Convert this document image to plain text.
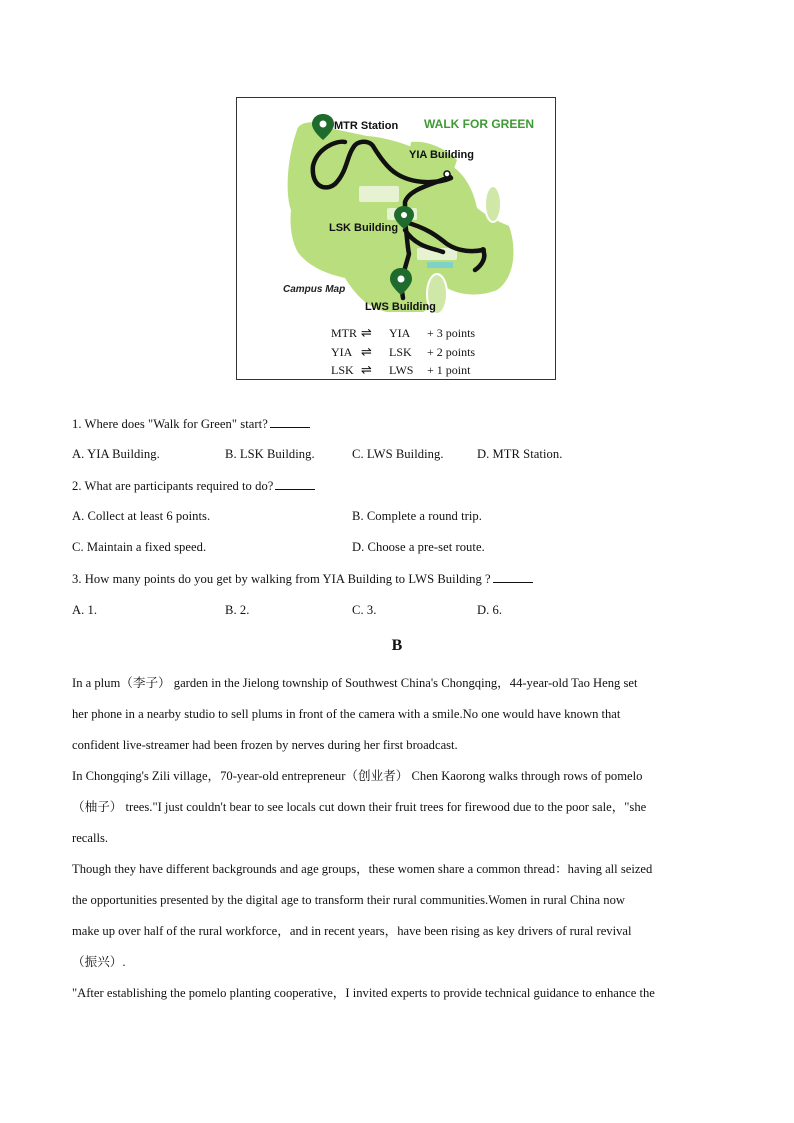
MTR Station
YIA Building
LSK Building
LWS Building
WALK FOR GREEN
Campus Map
MTR ⇌ YIA + 3 points
YIA ⇌ LSK + 2 points
LSK ⇌ LWS + 1 point
1. Where does "Walk for Green" start?
A. YIA Building.	B. LSK Building.	C. LWS Building.	D. MTR Station.
2. What are participants required to do?
A. Collect at least 6 points.	B. Complete a round trip.
C. Maintain a fixed speed.	D. Choose a pre-set route.
3. How many points do you get by walking from YIA Building to LWS Building ?
A. 1.	B. 2.	C. 3.	D. 6.
B

In a plum（李子） garden in the Jielong township of Southwest China's Chongqing，44-year-old Tao Heng set

her phone in a nearby studio to sell plums in front of the camera with a smile.No one would have known that

confident live-streamer had been frozen by nerves during her first broadcast.

In Chongqing's Zili village，70-year-old entrepreneur（创业者） Chen Kaorong walks through rows of pomelo

（柚子） trees."I just couldn't bear to see locals cut down their fruit trees for firewood due to the poor sale，"she

recalls.

Though they have different backgrounds and age groups，these women share a common thread：having all seized

the opportunities presented by the digital age to transform their rural communities.Women in rural China now

make up over half of the rural workforce，and in recent years，have been rising as key drivers of rural revival

（振兴）.

"After establishing the pomelo planting cooperative，I invited experts to provide technical guidance to enhance the
